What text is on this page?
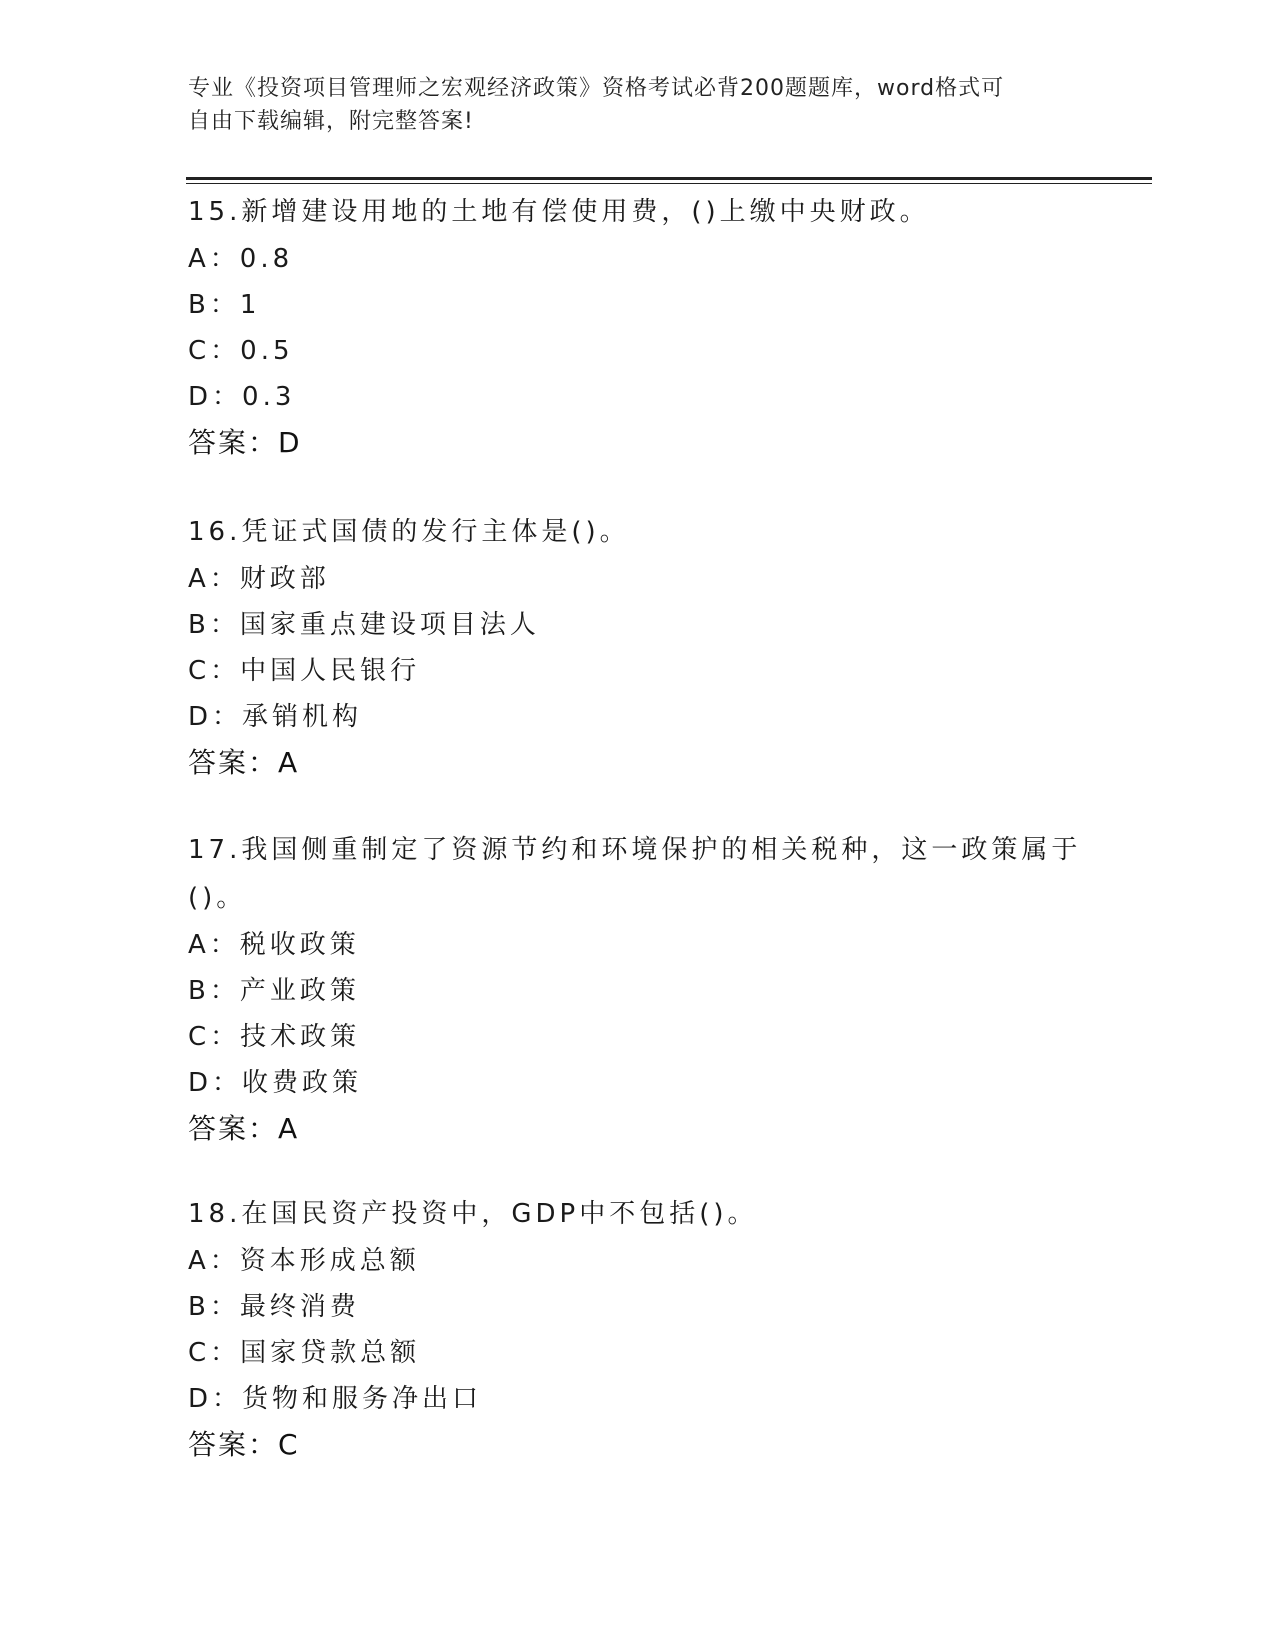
专业《投资项目管理师之宏观经济政策》资格考试必背200题题库，word格式可
自由下载编辑，附完整答案!
15.新增建设用地的土地有偿使用费，()上缴中央财政。
A：0.8
B：1
C：0.5
D：0.3
答案：D
16.凭证式国债的发行主体是()。
A：财政部
B：国家重点建设项目法人
C：中国人民银行
D：承销机构
答案：A
17.我国侧重制定了资源节约和环境保护的相关税种，这一政策属于()。
A：税收政策
B：产业政策
C：技术政策
D：收费政策
答案：A
18.在国民资产投资中，GDP中不包括()。
A：资本形成总额
B：最终消费
C：国家贷款总额
D：货物和服务净出口
答案：C
